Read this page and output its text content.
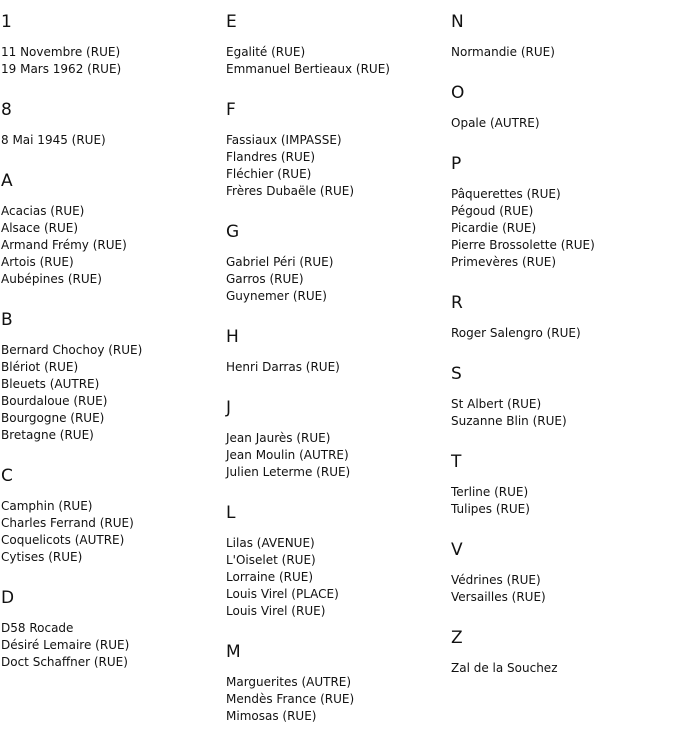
1
11 Novembre (RUE)
19 Mars 1962 (RUE)
8
8 Mai 1945 (RUE)
A
Acacias (RUE)
Alsace (RUE)
Armand Frémy (RUE)
Artois (RUE)
Aubépines (RUE)
B
Bernard Chochoy (RUE)
Blériot (RUE)
Bleuets (AUTRE)
Bourdaloue (RUE)
Bourgogne (RUE)
Bretagne (RUE)
C
Camphin (RUE)
Charles Ferrand (RUE)
Coquelicots (AUTRE)
Cytises (RUE)
D
D58 Rocade
Désiré Lemaire (RUE)
Doct Schaffner (RUE)
E
Egalité (RUE)
Emmanuel Bertieaux (RUE)
F
Fassiaux (IMPASSE)
Flandres (RUE)
Fléchier (RUE)
Frères Dubaële (RUE)
G
Gabriel Péri (RUE)
Garros (RUE)
Guynemer (RUE)
H
Henri Darras (RUE)
J
Jean Jaurès (RUE)
Jean Moulin (AUTRE)
Julien Leterme (RUE)
L
Lilas (AVENUE)
L'Oiselet (RUE)
Lorraine (RUE)
Louis Virel (PLACE)
Louis Virel (RUE)
M
Marguerites (AUTRE)
Mendès France (RUE)
Mimosas (RUE)
N
Normandie (RUE)
O
Opale (AUTRE)
P
Pâquerettes (RUE)
Pégoud (RUE)
Picardie (RUE)
Pierre Brossolette (RUE)
Primevères (RUE)
R
Roger Salengro (RUE)
S
St Albert (RUE)
Suzanne Blin (RUE)
T
Terline (RUE)
Tulipes (RUE)
V
Védrines (RUE)
Versailles (RUE)
Z
Zal de la Souchez
